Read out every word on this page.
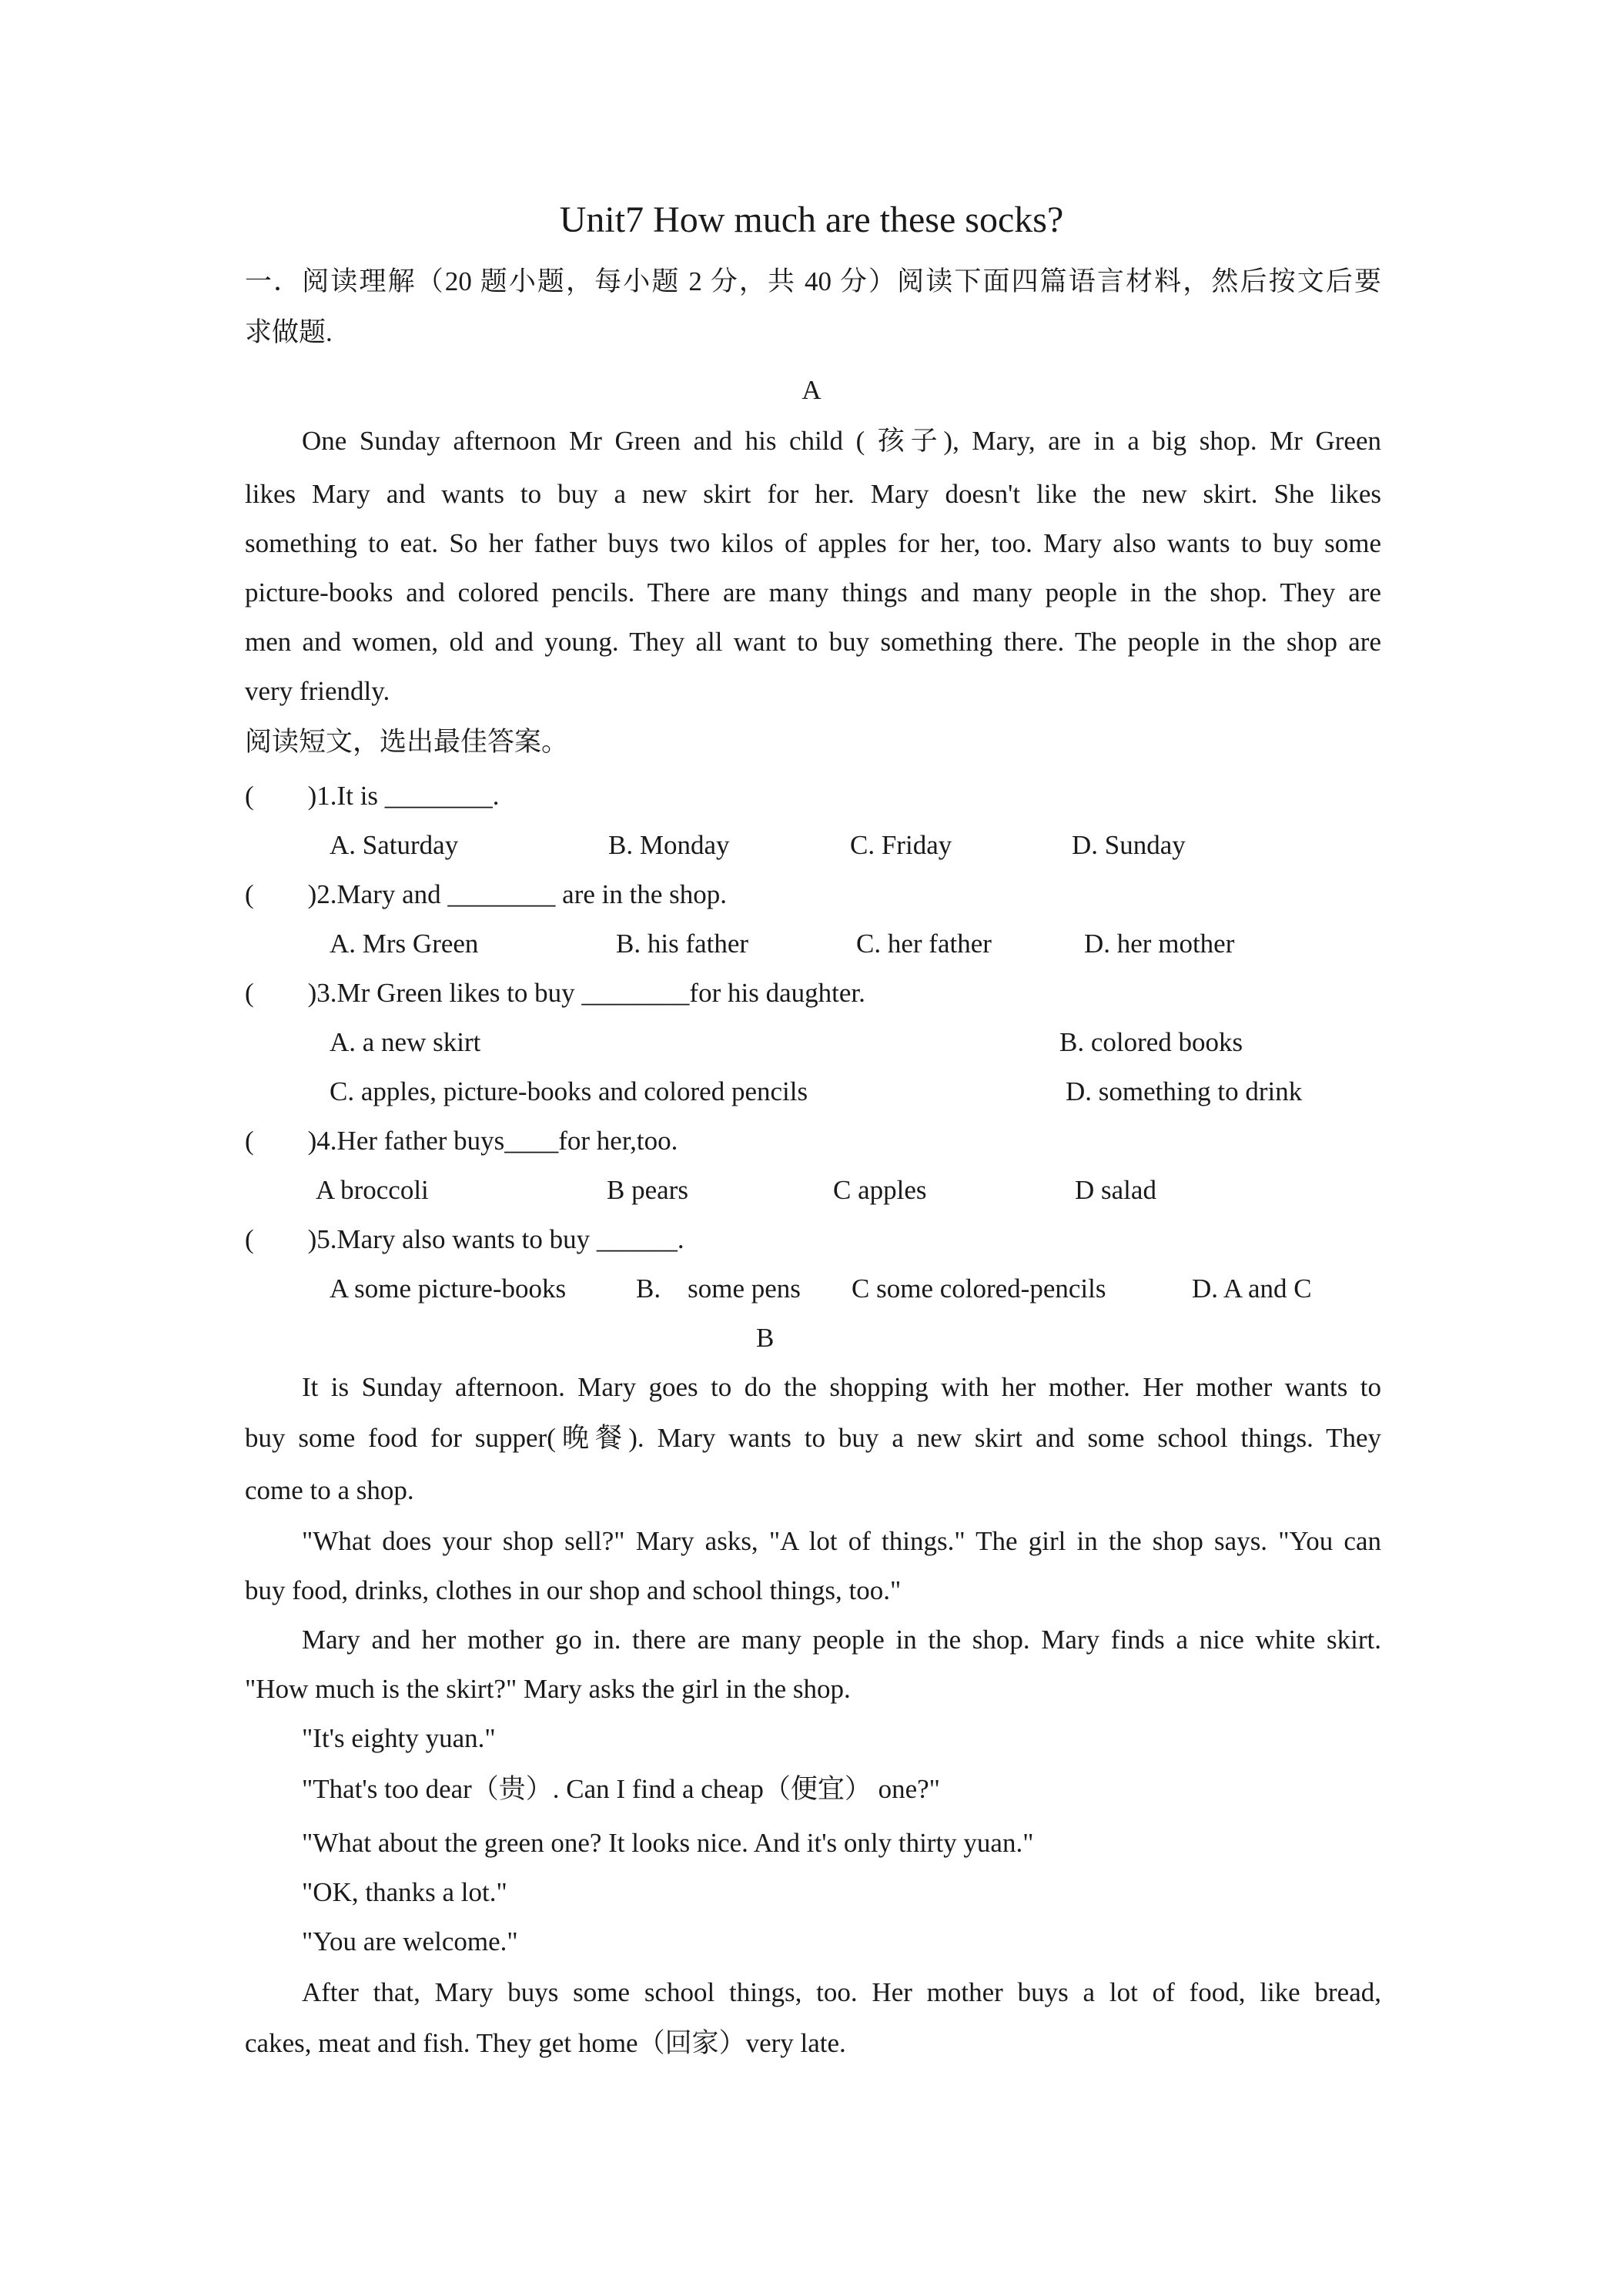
Unit7 How much are these socks?
一．阅读理解（20 题小题，每小题 2 分，共 40 分）阅读下面四篇语言材料，然后按文后要
求做题.
A
One Sunday afternoon Mr Green and his child ( 孩子), Mary, are in a big shop. Mr Green
likes Mary and wants to buy a new skirt for her. Mary doesn't like the new skirt. She likes
something to eat. So her father buys two kilos of apples for her, too. Mary also wants to buy some
picture-books and colored pencils. There are many things and many people in the shop. They are
men and women, old and young. They all want to buy something there. The people in the shop are
very friendly.
阅读短文，选出最佳答案。
(        )1.It is ________.
A. Saturday	B. Monday	C. Friday	D. Sunday
(        )2.Mary and ________ are in the shop.
A. Mrs Green	B. his father	C. her father	D. her mother
(        )3.Mr Green likes to buy ________for his daughter.
A. a new skirt	B. colored books
C. apples, picture-books and colored pencils	D. something to drink
(        )4.Her father buys____for her,too.
A broccoli	B pears	C apples	D salad
(        )5.Mary also wants to buy ______.
A some picture-books	B.    some pens C some colored-pencils	D. A and C
B
It is Sunday afternoon. Mary goes to do the shopping with her mother. Her mother wants to
buy some food for supper(晚餐). Mary wants to buy a new skirt and some school things. They
come to a shop.
"What does your shop sell?" Mary asks, "A lot of things." The girl in the shop says. "You can
buy food, drinks, clothes in our shop and school things, too."
Mary and her mother go in. there are many people in the shop. Mary finds a nice white skirt.
"How much is the skirt?" Mary asks the girl in the shop.
"It's eighty yuan."
"That's too dear（贵）. Can I find a cheap（便宜） one?"
"What about the green one? It looks nice. And it's only thirty yuan."
"OK, thanks a lot."
"You are welcome."
After that, Mary buys some school things, too. Her mother buys a lot of food, like bread,
cakes, meat and fish. They get home（回家）very late.
